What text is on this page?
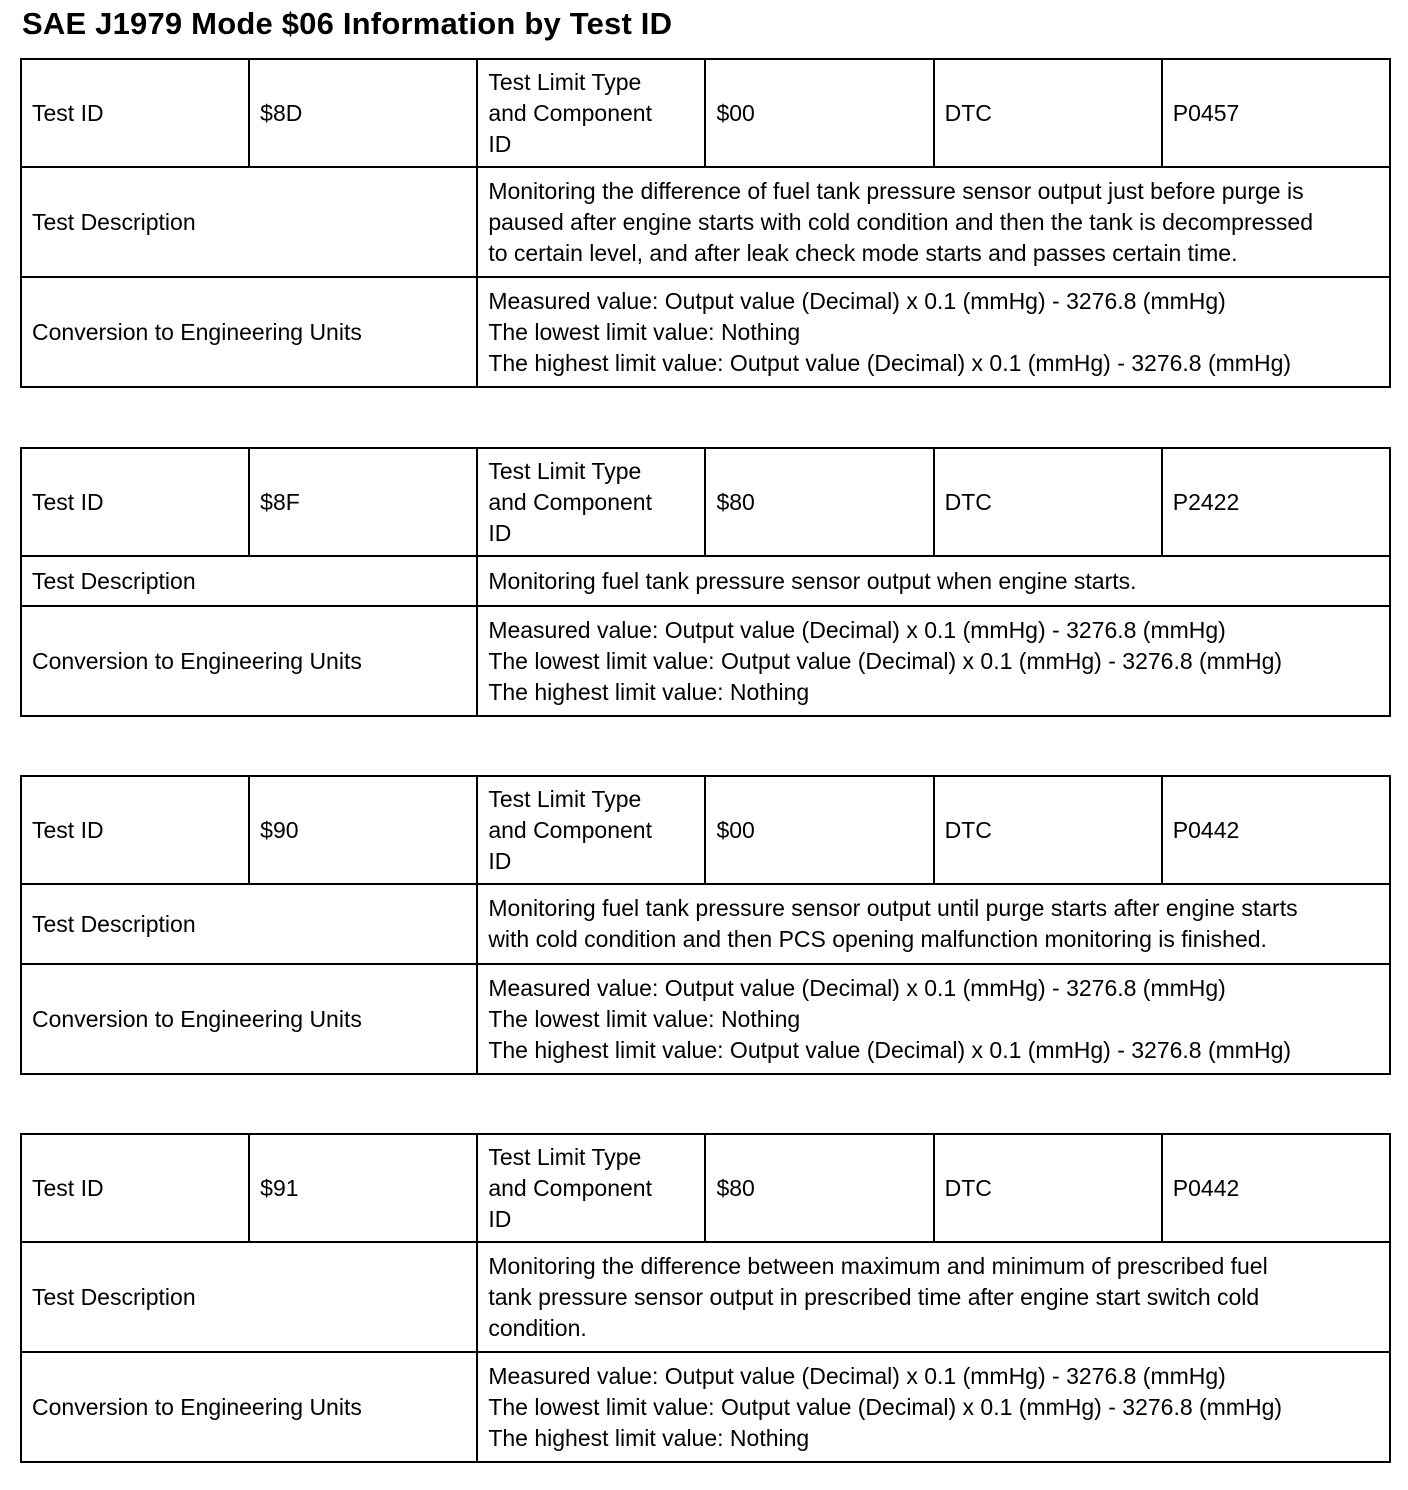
SAE J1979 Mode $06 Information by Test ID
Test ID	$8D	Test Limit Type
and Component
ID	$00	DTC	P0457
Test Description		Monitoring the difference of fuel tank pressure sensor output just before purge is
paused after engine starts with cold condition and then the tank is decompressed
to certain level, and after leak check mode starts and passes certain time.			
Conversion to Engineering Units		Measured value: Output value (Decimal) x 0.1 (mmHg) - 3276.8 (mmHg)
The lowest limit value: Nothing
The highest limit value: Output value (Decimal) x 0.1 (mmHg) - 3276.8 (mmHg)			
Test ID	$8F	Test Limit Type
and Component
ID	$80	DTC	P2422
Test Description		Monitoring fuel tank pressure sensor output when engine starts.			
Conversion to Engineering Units		Measured value: Output value (Decimal) x 0.1 (mmHg) - 3276.8 (mmHg)
The lowest limit value: Output value (Decimal) x 0.1 (mmHg) - 3276.8 (mmHg)
The highest limit value: Nothing			
Test ID	$90	Test Limit Type
and Component
ID	$00	DTC	P0442
Test Description		Monitoring fuel tank pressure sensor output until purge starts after engine starts
with cold condition and then PCS opening malfunction monitoring is finished.			
Conversion to Engineering Units		Measured value: Output value (Decimal) x 0.1 (mmHg) - 3276.8 (mmHg)
The lowest limit value: Nothing
The highest limit value: Output value (Decimal) x 0.1 (mmHg) - 3276.8 (mmHg)			
Test ID	$91	Test Limit Type
and Component
ID	$80	DTC	P0442
Test Description		Monitoring the difference between maximum and minimum of prescribed fuel
tank pressure sensor output in prescribed time after engine start switch cold
condition.			
Conversion to Engineering Units		Measured value: Output value (Decimal) x 0.1 (mmHg) - 3276.8 (mmHg)
The lowest limit value: Output value (Decimal) x 0.1 (mmHg) - 3276.8 (mmHg)
The highest limit value: Nothing			
